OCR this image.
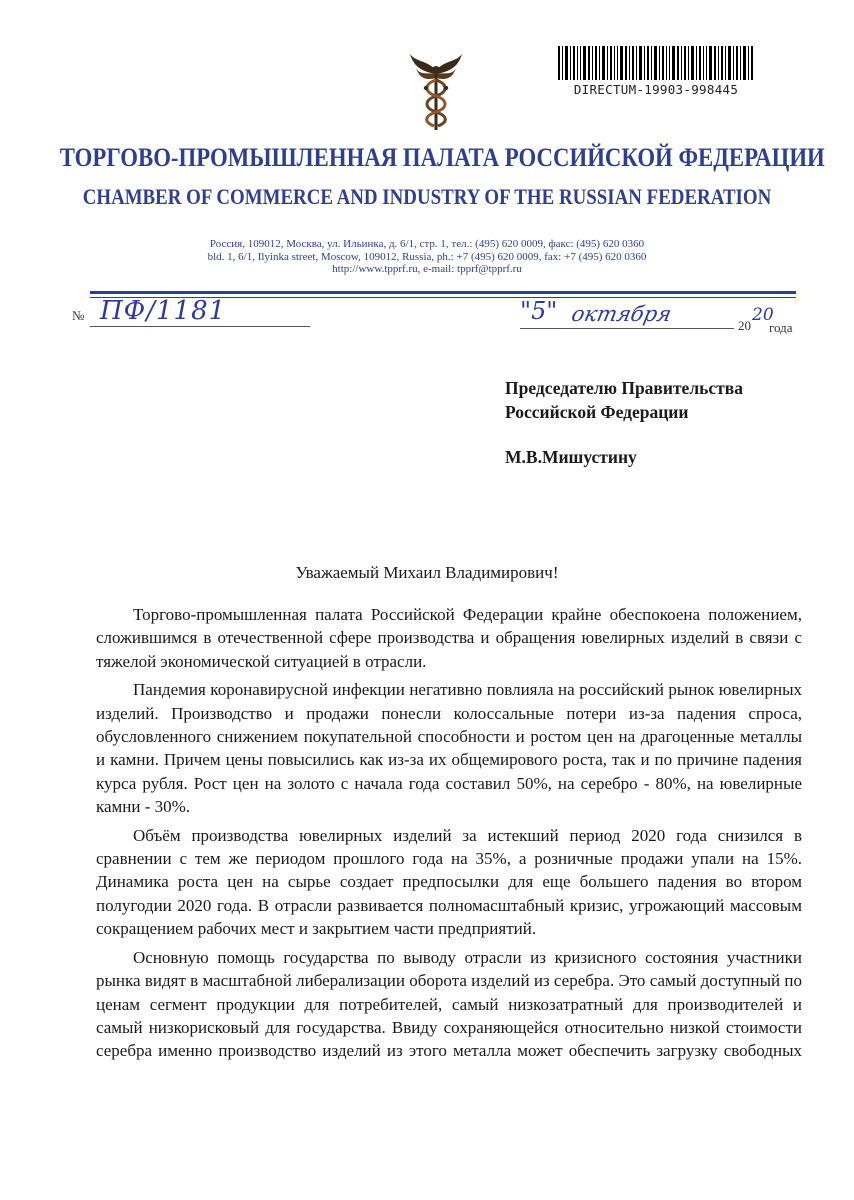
DIRECTUM-19903-998445
ТОРГОВО-ПРОМЫШЛЕННАЯ ПАЛАТА РОССИЙСКОЙ ФЕДЕРАЦИИ
CHAMBER OF COMMERCE AND INDUSTRY OF THE RUSSIAN FEDERATION
Россия, 109012, Москва, ул. Ильинка, д. 6/1, стр. 1, тел.: (495) 620 0009, факс: (495) 620 0360
bld. 1, 6/1, Ilyinka street, Moscow, 109012, Russia, ph.: +7 (495) 620 0009, fax: +7 (495) 620 0360
http://www.tpprf.ru, e-mail: tpprf@tpprf.ru
№ ПФ/1181	"5" октября	20
20
года
Председателю Правительства
Российской Федерации
М.В.Мишустину
Уважаемый Михаил Владимирович!

Торгово-промышленная палата Российской Федерации крайне обеспокоена положением, сложившимся в отечественной сфере производства и обращения ювелирных изделий в связи с тяжелой экономической ситуацией в отрасли.

Пандемия коронавирусной инфекции негативно повлияла на российский рынок ювелирных изделий. Производство и продажи понесли колоссальные потери из-за падения спроса, обусловленного снижением покупательной способности и ростом цен на драгоценные металлы и камни. Причем цены повысились как из-за их общемирового роста, так и по причине падения курса рубля. Рост цен на золото с начала года составил 50%, на серебро - 80%, на ювелирные камни - 30%.

Объём производства ювелирных изделий за истекший период 2020 года снизился в сравнении с тем же периодом прошлого года на 35%, а розничные продажи упали на 15%. Динамика роста цен на сырье создает предпосылки для еще большего падения во втором полугодии 2020 года. В отрасли развивается полномасштабный кризис, угрожающий массовым сокращением рабочих мест и закрытием части предприятий.

Основную помощь государства по выводу отрасли из кризисного состояния участники рынка видят в масштабной либерализации оборота изделий из серебра. Это самый доступный по ценам сегмент продукции для потребителей, самый низкозатратный для производителей и самый низкорисковый для государства. Ввиду сохраняющейся относительно низкой стоимости серебра именно производство изделий из этого металла может обеспечить загрузку свободных
